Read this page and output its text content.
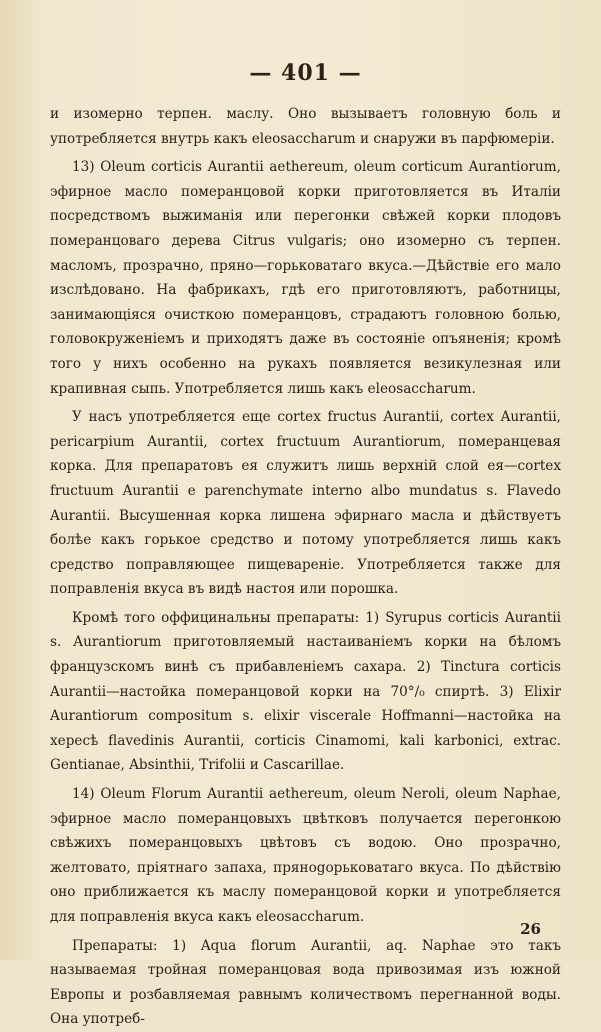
— 401 —

и изомерно терпен. маслу. Оно вызываетъ головную боль и употребляется внутрь какъ eleosaccharum и снаружи въ парфюмеріи.

13) Oleum corticis Aurantii aethereum, oleum corticum Aurantiorum, эфирное масло померанцовой корки приготовляется въ Италіи посредствомъ выжиманія или перегонки свѣжей корки плодовъ померанцоваго дерева Citrus vulgaris; оно изомерно съ терпен. масломъ, прозрачно, пряно—горьковатаго вкуса.—Дѣйствіе его мало изслѣдовано. На фабрикахъ, гдѣ его приготовляютъ, работницы, занимающіяся очисткою померанцовъ, страдаютъ головною болью, головокруженіемъ и приходятъ даже въ состояніе опъяненія; кромѣ того у нихъ особенно на рукахъ появляется везикулезная или крапивная сыпь. Употребляется лишь какъ eleosaccharum.

У насъ употребляется еще cortex fructus Aurantii, cortex Aurantii, pericarpium Aurantii, cortex fructuum Aurantiorum, померанцевая корка. Для препаратовъ ея служитъ лишь верхній слой ея—cortex fructuum Aurantii e parenchymate interno albo mundatus s. Flavedo Aurantii. Высушенная корка лишена эфирнаго масла и дѣйствуетъ болѣе какъ горькое средство и потому употребляется лишь какъ средство поправляющее пищевареніе. Употребляется также для поправленія вкуса въ видѣ настоя или порошка.

Кромѣ того оффицинальны препараты: 1) Syrupus corticis Aurantii s. Aurantiorum приготовляемый настаиваніемъ корки на бѣломъ французскомъ винѣ съ прибавленіемъ сахара. 2) Tinctura corticis Aurantii—настойка померанцовой корки на 70°/₀ спиртѣ. 3) Elixir Aurantiorum compositum s. elixir viscerale Hoffmanni—настойка на хересѣ flavedinis Aurantii, corticis Cinamomi, kali karbonici, extrac. Gentianae, Absinthii, Trifolii и Cascarillae.

14) Oleum Florum Aurantii aethereum, oleum Neroli, oleum Naphae, эфирное масло померанцовыхъ цвѣтковъ получается перегонкою свѣжихъ померанцовыхъ цвѣтовъ съ водою. Оно прозрачно, желтовато, пріятнаго запаха, прянogорьковатаго вкуса. По дѣйствію оно приближается къ маслу померанцовой корки и употребляется для поправленія вкуса какъ eleosaccharum.

Препараты: 1) Aqua florum Aurantii, aq. Naphae это такъ называемая тройная померанцовая вода привозимая изъ южной Европы и розбавляемая равнымъ количествомъ перегнанной воды. Она употреб-

26
